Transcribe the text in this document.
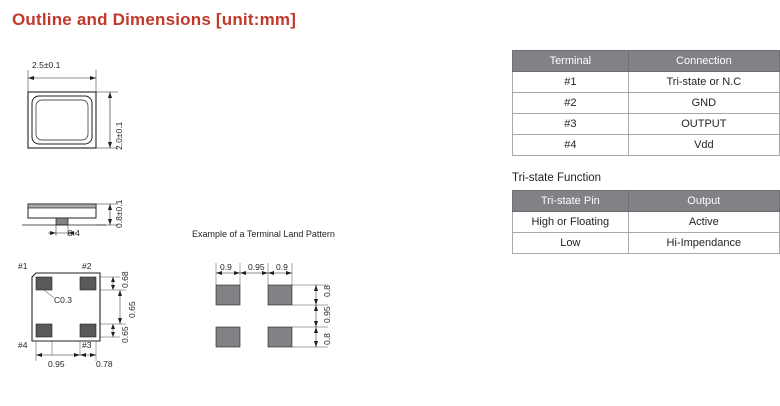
Outline and Dimensions [unit:mm]
2.5±0.1
2.0±0.1
0.8±0.1
0.4
#1	#2
C0.3
#4	#3
0.68
0.65
0.65
0.95	0.78
Example of a Terminal Land Pattern
0.9 0.95 0.9
0.8
0.95
0.8
Terminal	Connection
#1	Tri-state or N.C
#2	GND
#3	OUTPUT
#4	Vdd
Tri-state Function
Tri-state Pin	Output
High or Floating	Active
Low	Hi-Impendance
